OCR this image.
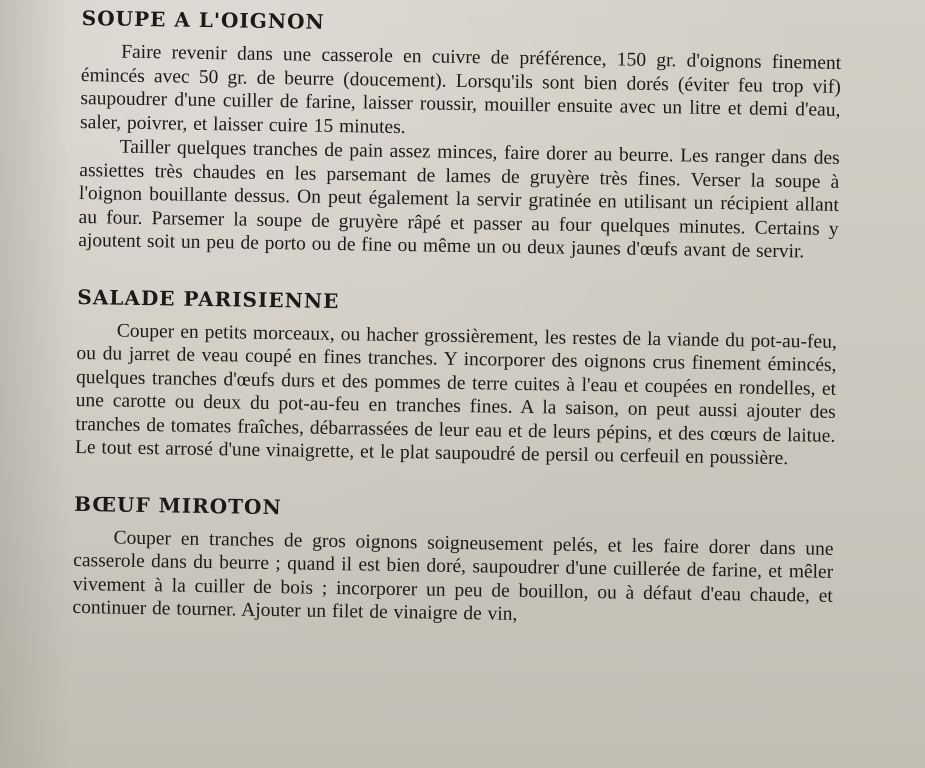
SOUPE A L'OIGNON

Faire revenir dans une casserole en cuivre de préférence, 150 gr. d'oignons finement émincés avec 50 gr. de beurre (doucement). Lorsqu'ils sont bien dorés (éviter feu trop vif) saupoudrer d'une cuiller de farine, laisser roussir, mouiller ensuite avec un litre et demi d'eau, saler, poivrer, et laisser cuire 15 minutes.

Tailler quelques tranches de pain assez minces, faire dorer au beurre. Les ranger dans des assiettes très chaudes en les parsemant de lames de gruyère très fines. Verser la soupe à l'oignon bouillante dessus. On peut également la servir gratinée en utilisant un récipient allant au four. Parsemer la soupe de gruyère râpé et passer au four quelques minutes. Certains y ajoutent soit un peu de porto ou de fine ou même un ou deux jaunes d'œufs avant de servir.

SALADE PARISIENNE

Couper en petits morceaux, ou hacher grossièrement, les restes de la viande du pot-au-feu, ou du jarret de veau coupé en fines tranches. Y incorporer des oignons crus finement émincés, quelques tranches d'œufs durs et des pommes de terre cuites à l'eau et coupées en rondelles, et une carotte ou deux du pot-au-feu en tranches fines. A la saison, on peut aussi ajouter des tranches de tomates fraîches, débarrassées de leur eau et de leurs pépins, et des cœurs de laitue. Le tout est arrosé d'une vinaigrette, et le plat saupoudré de persil ou cerfeuil en poussière.

BŒUF MIROTON

Couper en tranches de gros oignons soigneusement pelés, et les faire dorer dans une casserole dans du beurre ; quand il est bien doré, saupoudrer d'une cuillerée de farine, et mêler vivement à la cuiller de bois ; incorporer un peu de bouillon, ou à défaut d'eau chaude, et continuer de tourner. Ajouter un filet de vinaigre de vin,
